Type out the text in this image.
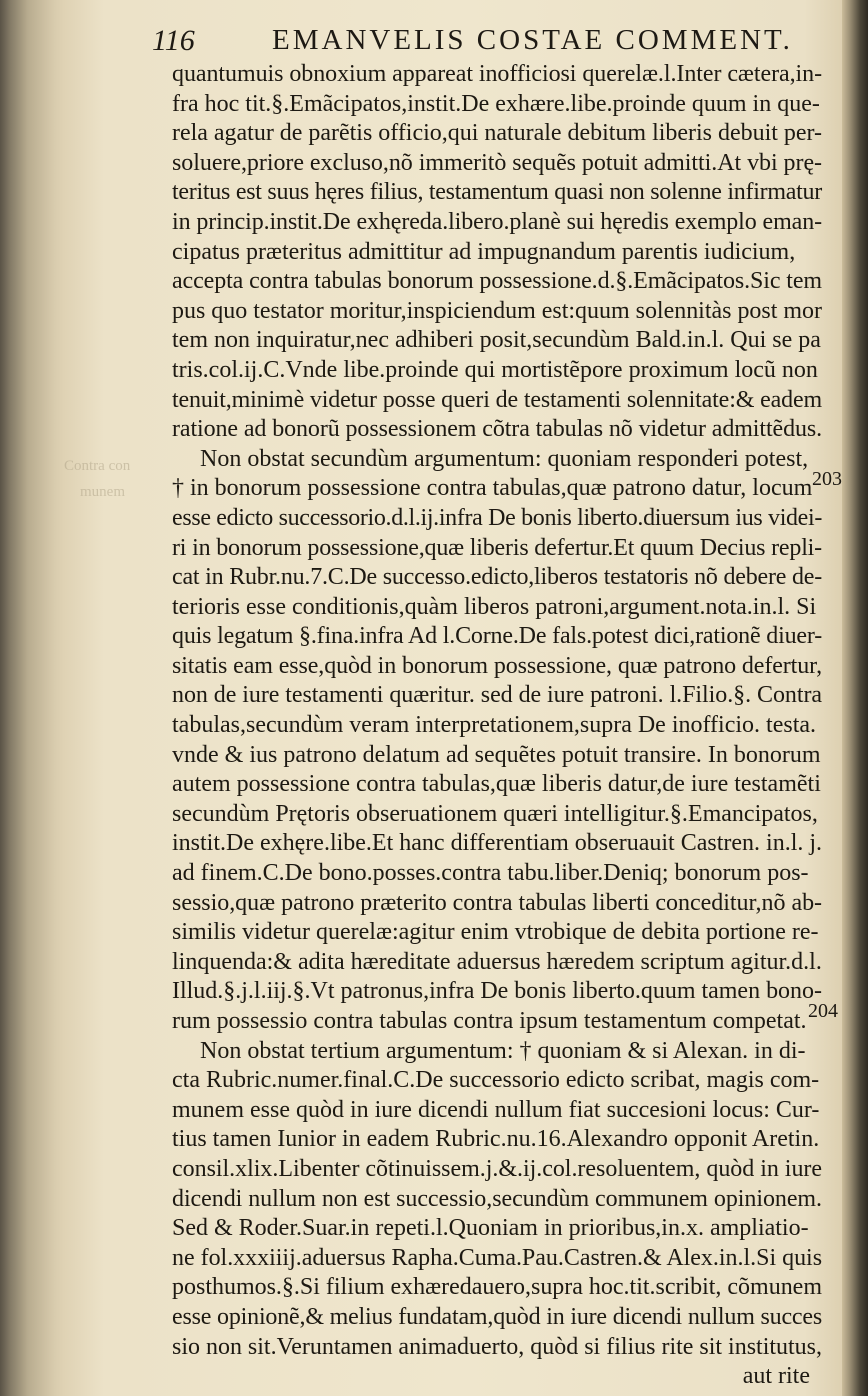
Contra con
munem
116	EMANVELIS COSTAE COMMENT.
quantumuis obnoxium appareat inofficiosi querelæ.l.Inter cætera,in-
fra hoc tit.§.Emãcipatos,instit.De exhære.libe.proinde quum in que-
rela agatur de parẽtis officio,qui naturale debitum liberis debuit per-
soluere,priore excluso,nõ immeritò sequẽs potuit admitti.At vbi prę-
teritus est suus hęres filius, testamentum quasi non solenne infirmatur
in princip.instit.De exhęreda.libero.planè sui hęredis exemplo eman-
cipatus præteritus admittitur ad impugnandum parentis iudicium,
accepta contra tabulas bonorum possessione.d.§.Emãcipatos.Sic tem
pus quo testator moritur,inspiciendum est:quum solennitàs post mor
tem non inquiratur,nec adhiberi posit,secundùm Bald.in.l. Qui se pa
tris.col.ij.C.Vnde libe.proinde qui mortistẽpore proximum locũ non
tenuit,minimè videtur posse queri de testamenti solennitate:& eadem
ratione ad bonorũ possessionem cõtra tabulas nõ videtur admittẽdus.
Non obstat secundùm argumentum: quoniam responderi potest,
† in bonorum possessione contra tabulas,quæ patrono datur, locum
esse edicto successorio.d.l.ij.infra De bonis liberto.diuersum ius videi-
ri in bonorum possessione,quæ liberis defertur.Et quum Decius repli-
cat in Rubr.nu.7.C.De successo.edicto,liberos testatoris nõ debere de-
terioris esse conditionis,quàm liberos patroni,argument.nota.in.l. Si
quis legatum §.fina.infra Ad l.Corne.De fals.potest dici,rationẽ diuer-
sitatis eam esse,quòd in bonorum possessione, quæ patrono defertur,
non de iure testamenti quæritur. sed de iure patroni. l.Filio.§. Contra
tabulas,secundùm veram interpretationem,supra De inofficio. testa.
vnde & ius patrono delatum ad sequẽtes potuit transire. In bonorum
autem possessione contra tabulas,quæ liberis datur,de iure testamẽti
secundùm Prętoris obseruationem quæri intelligitur.§.Emancipatos,
instit.De exhęre.libe.Et hanc differentiam obseruauit Castren. in.l. j.
ad finem.C.De bono.posses.contra tabu.liber.Deniq; bonorum pos-
sessio,quæ patrono præterito contra tabulas liberti conceditur,nõ ab-
similis videtur querelæ:agitur enim vtrobique de debita portione re-
linquenda:& adita hæreditate aduersus hæredem scriptum agitur.d.l.
Illud.§.j.l.iij.§.Vt patronus,infra De bonis liberto.quum tamen bono-
rum possessio contra tabulas contra ipsum testamentum competat.
Non obstat tertium argumentum: † quoniam & si Alexan. in di-
cta Rubric.numer.final.C.De successorio edicto scribat, magis com-
munem esse quòd in iure dicendi nullum fiat succesioni locus: Cur-
tius tamen Iunior in eadem Rubric.nu.16.Alexandro opponit Aretin.
consil.xlix.Libenter cõtinuissem.j.&.ij.col.resoluentem, quòd in iure
dicendi nullum non est successio,secundùm communem opinionem.
Sed & Roder.Suar.in repeti.l.Quoniam in prioribus,in.x. ampliatio-
ne fol.xxxiiij.aduersus Rapha.Cuma.Pau.Castren.& Alex.in.l.Si quis
posthumos.§.Si filium exhæredauero,supra hoc.tit.scribit, cõmunem
esse opinionẽ,& melius fundatam,quòd in iure dicendi nullum succes
sio non sit.Veruntamen animaduerto, quòd si filius rite sit institutus,
aut rite
203
204
